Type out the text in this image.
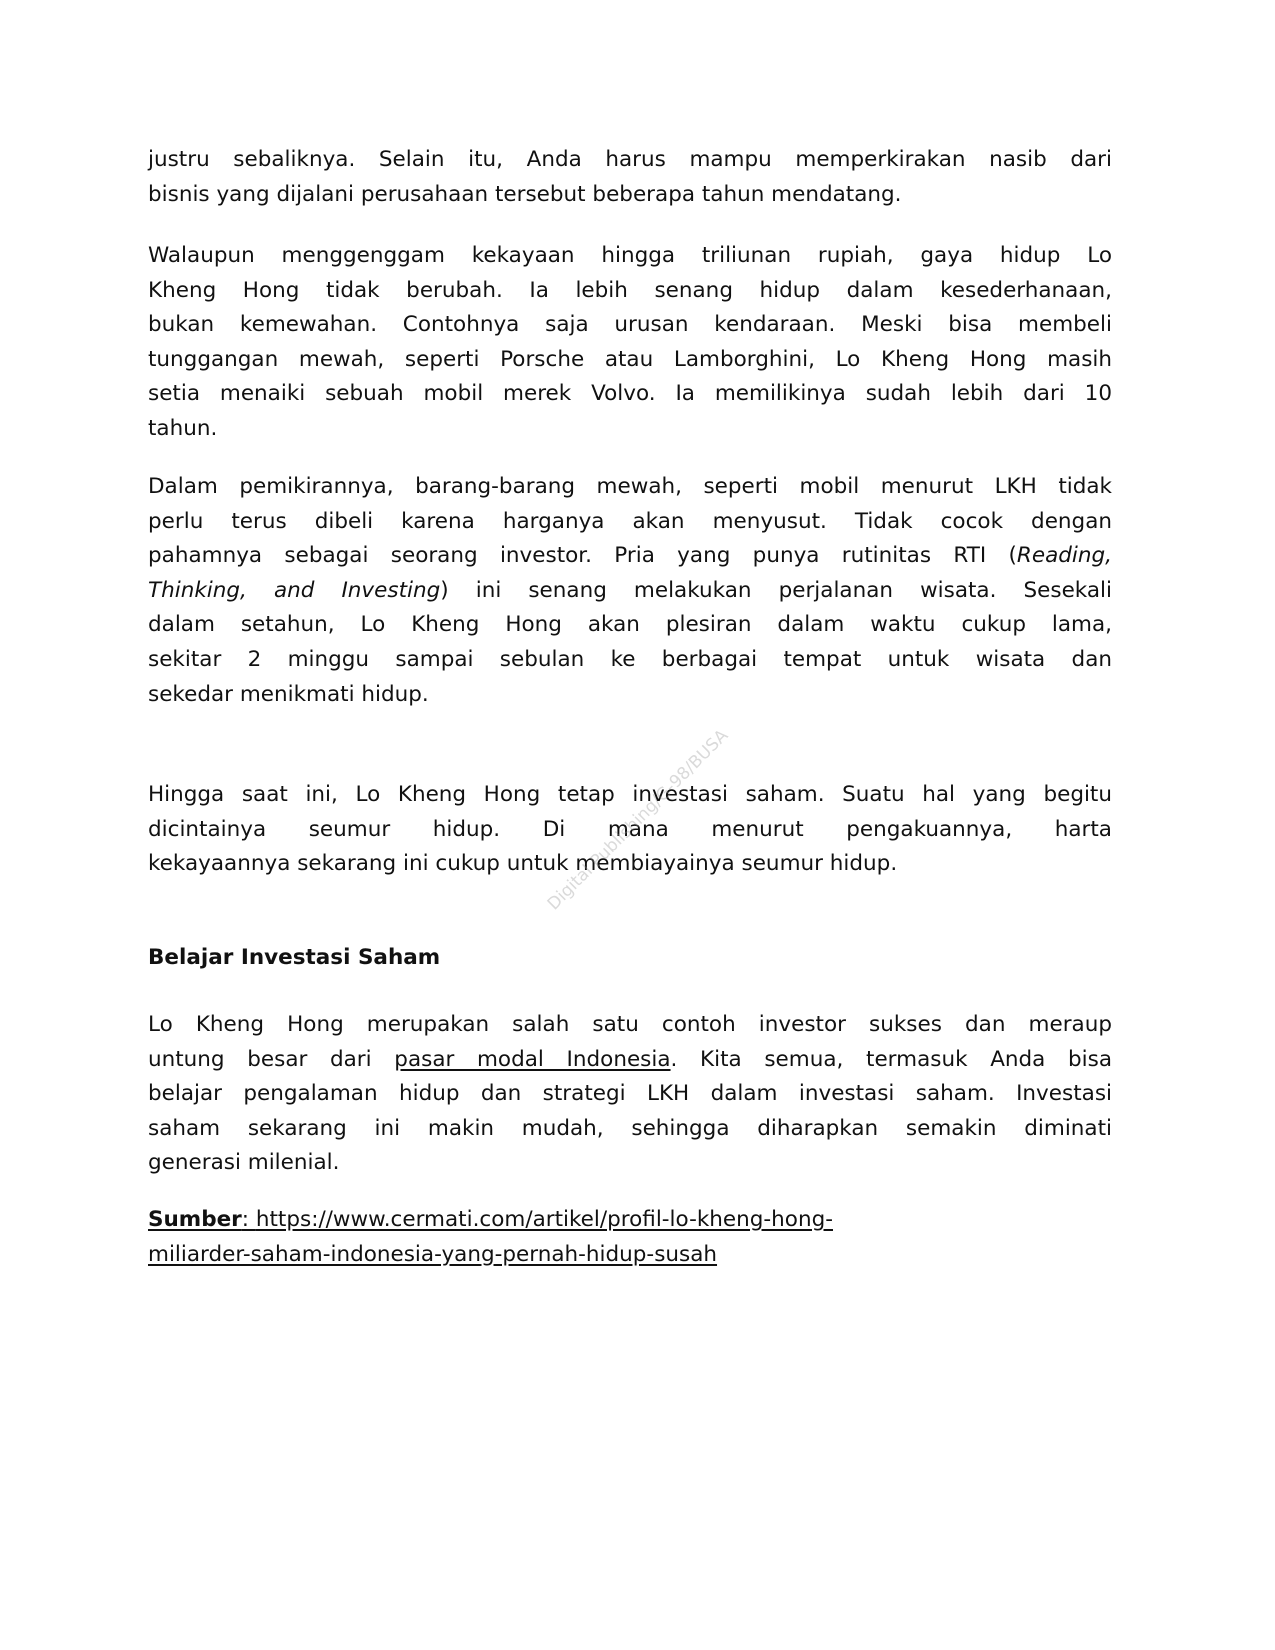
justru sebaliknya. Selain itu, Anda harus mampu memperkirakan nasib dari
bisnis yang dijalani perusahaan tersebut beberapa tahun mendatang.
Walaupun menggenggam kekayaan hingga triliunan rupiah, gaya hidup Lo
Kheng Hong tidak berubah. Ia lebih senang hidup dalam kesederhanaan,
bukan kemewahan. Contohnya saja urusan kendaraan. Meski bisa membeli
tunggangan mewah, seperti Porsche atau Lamborghini, Lo Kheng Hong masih
setia menaiki sebuah mobil merek Volvo. Ia memilikinya sudah lebih dari 10
tahun.
Dalam pemikirannya, barang-barang mewah, seperti mobil menurut LKH tidak
perlu terus dibeli karena harganya akan menyusut. Tidak cocok dengan
pahamnya sebagai seorang investor. Pria yang punya rutinitas RTI (Reading,
Thinking, and Investing) ini senang melakukan perjalanan wisata. Sesekali
dalam setahun, Lo Kheng Hong akan plesiran dalam waktu cukup lama,
sekitar 2 minggu sampai sebulan ke berbagai tempat untuk wisata dan
sekedar menikmati hidup.
Hingga saat ini, Lo Kheng Hong tetap investasi saham. Suatu hal yang begitu
dicintainya seumur hidup. Di mana menurut pengakuannya, harta
kekayaannya sekarang ini cukup untuk membiayainya seumur hidup.
Belajar Investasi Saham
Lo Kheng Hong merupakan salah satu contoh investor sukses dan meraup
untung besar dari pasar modal Indonesia. Kita semua, termasuk Anda bisa
belajar pengalaman hidup dan strategi LKH dalam investasi saham. Investasi
saham sekarang ini makin mudah, sehingga diharapkan semakin diminati
generasi milenial.
Sumber: https://www.cermati.com/artikel/profil-lo-kheng-hong-
miliarder-saham-indonesia-yang-pernah-hidup-susah
Digital Publishing/G-98/BUSA
